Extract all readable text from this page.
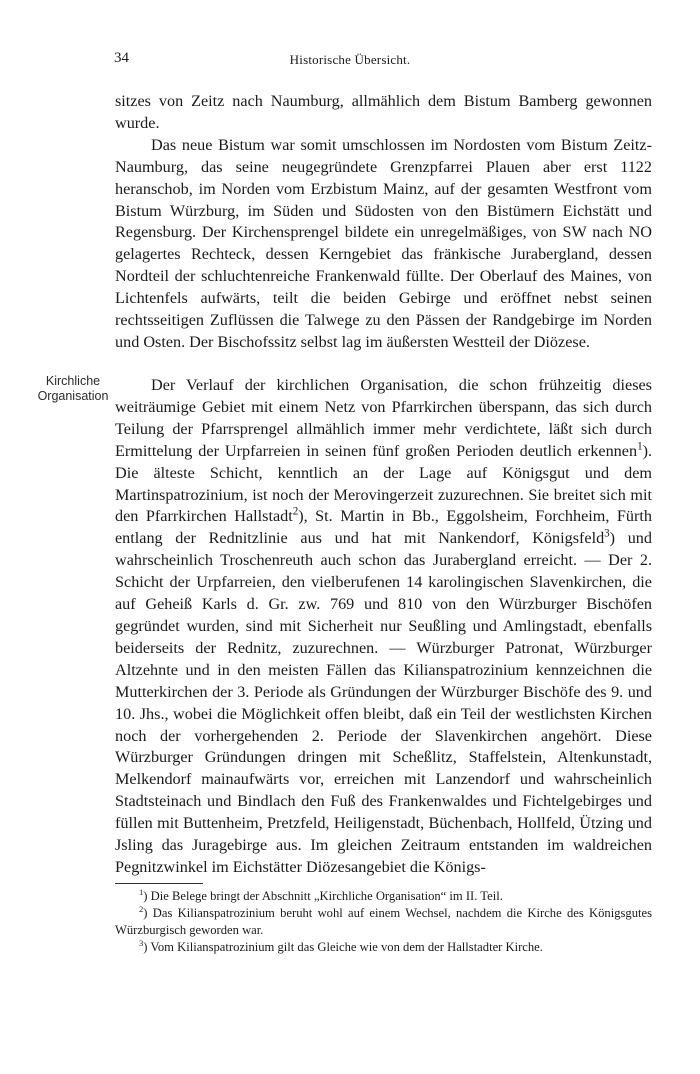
34	Historische Übersicht.

sitzes von Zeitz nach Naumburg, allmählich dem Bistum Bamberg gewonnen wurde.

Das neue Bistum war somit umschlossen im Nordosten vom Bistum Zeitz-Naumburg, das seine neugegründete Grenzpfarrei Plauen aber erst 1122 heranschob, im Norden vom Erzbistum Mainz, auf der gesamten Westfront vom Bistum Würzburg, im Süden und Südosten von den Bistümern Eichstätt und Regensburg. Der Kirchensprengel bildete ein unregelmäßiges, von SW nach NO gelagertes Rechteck, dessen Kerngebiet das fränkische Jurabergland, dessen Nordteil der schluchtenreiche Frankenwald füllte. Der Oberlauf des Maines, von Lichtenfels aufwärts, teilt die beiden Gebirge und eröffnet nebst seinen rechtsseitigen Zuflüssen die Talwege zu den Pässen der Randgebirge im Norden und Osten. Der Bischofssitz selbst lag im äußersten Westteil der Diözese.

Kirchliche
Organisation

Der Verlauf der kirchlichen Organisation, die schon frühzeitig dieses weiträumige Gebiet mit einem Netz von Pfarrkirchen überspann, das sich durch Teilung der Pfarrsprengel allmählich immer mehr verdichtete, läßt sich durch Ermittelung der Urpfarreien in seinen fünf großen Perioden deutlich erkennen$^1$). Die älteste Schicht, kenntlich an der Lage auf Königsgut und dem Martinspatrozinium, ist noch der Merovingerzeit zuzurechnen. Sie breitet sich mit den Pfarrkirchen Hallstadt$^2$), St. Martin in Bb., Eggolsheim, Forchheim, Fürth entlang der Rednitzlinie aus und hat mit Nankendorf, Königsfeld$^3$) und wahrscheinlich Troschenreuth auch schon das Jurabergland erreicht. — Der 2. Schicht der Urpfarreien, den vielberufenen 14 karolingischen Slavenkirchen, die auf Geheiß Karls d. Gr. zw. 769 und 810 von den Würzburger Bischöfen gegründet wurden, sind mit Sicherheit nur Seußling und Amlingstadt, ebenfalls beiderseits der Rednitz, zuzurechnen. — Würzburger Patronat, Würzburger Altzehnte und in den meisten Fällen das Kilianspatrozinium kennzeichnen die Mutterkirchen der 3. Periode als Gründungen der Würzburger Bischöfe des 9. und 10. Jhs., wobei die Möglichkeit offen bleibt, daß ein Teil der westlichsten Kirchen noch der vorhergehenden 2. Periode der Slavenkirchen angehört. Diese Würzburger Gründungen dringen mit Scheßlitz, Staffelstein, Altenkunstadt, Melkendorf mainaufwärts vor, erreichen mit Lanzendorf und wahrscheinlich Stadtsteinach und Bindlach den Fuß des Frankenwaldes und Fichtelgebirges und füllen mit Buttenheim, Pretzfeld, Heiligenstadt, Büchenbach, Hollfeld, Ützing und Jsling das Juragebirge aus. Im gleichen Zeitraum entstanden im waldreichen Pegnitzwinkel im Eichstätter Diözesangebiet die Königs-

$^1$) Die Belege bringt der Abschnitt „Kirchliche Organisation“ im II. Teil.

$^2$) Das Kilianspatrozinium beruht wohl auf einem Wechsel, nachdem die Kirche des Königsgutes Würzburgisch geworden war.

$^3$) Vom Kilianspatrozinium gilt das Gleiche wie von dem der Hallstadter Kirche.
